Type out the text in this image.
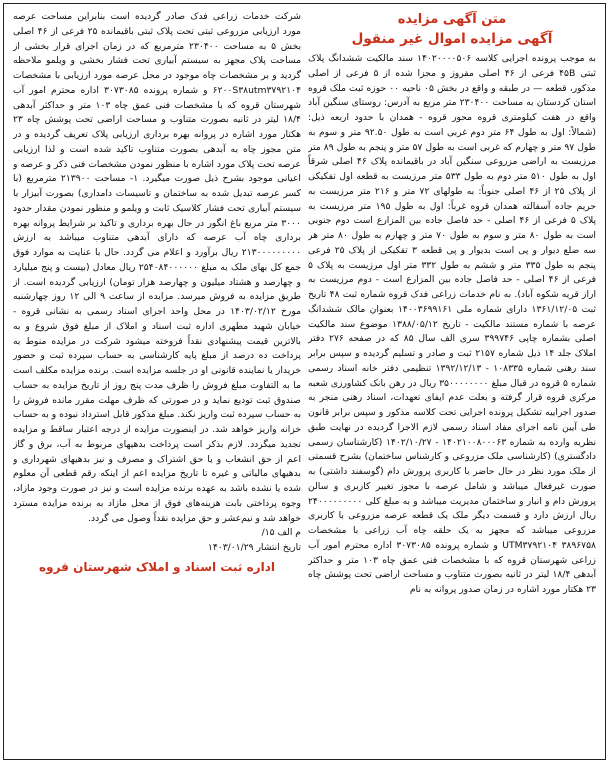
متن آگهی مزایده
آگهی مزایده اموال غیر منقول

به موجب پرونده اجرایی کلاسه ۱۴۰۲۰۰۰۰۵۰۶ سند مالکیت ششدانگ پلاک ثبتی ۴۵B فرعی از ۴۶ اصلی مفروز و مجزا شده از ۵ فرعی از اصلی مذکور، قطعه — در طبقه و واقع در بخش ۰۵ ناحیه ۰۰ حوزه ثبت ملک قروه استان کردستان به مساحت ۲۳۰۴۰۰ متر مربع به آدرس: روستای سنگین آباد واقع در هفت کیلومتری قروه محور قروه - همدان با حدود اربعه ذیل: (شمالاً: اول به طول ۶۴ متر دوم غربی است به طول ۹۲.۵۰ متر و سوم به طول ۹۷ متر و چهارم که غربی است به طول ۵۷ متر و پنجم به طول ۸۹ متر مرزیست به اراضی مزروعی سنگین آباد در باقیمانده پلاک ۴۶ اصلی شرقاً اول به طول ۵۱۰ متر دوم به طول ۵۳۳ متر مرزیست به قطعه اول تفکیکی از پلاک ۲۵ از ۴۶ اصلی جنوباً: به طولهای ۷۲ متر و ۲۱۶ متر مرزیست به حریم جاده آسفالته همدان قروه غرباً: اول به طول ۱۹۵ متر مرزیست به پلاک ۵ فرعی از ۴۶ اصلی - حد فاصل جاده بین المزارع است دوم جنوبی است به طول ۸۰ متر و سوم به طول ۷۰ متر و چهارم به طول ۸۰ متر هر سه ضلع دیوار و پی است بدیوار و پی قطعه ۳ تفکیکی از پلاک ۲۵ فرعی پنجم به طول ۳۳۵ متر و ششم به طول ۳۳۲ متر اول مرزیست به پلاک ۵ فرعی از ۴۶ اصلی - حد فاصل جاده بین المزارع است - دوم مرزیست به اراز قریه شکوه آباد). به نام خدمات زراعی فدک قروه شماره ثبت ۴۸ تاریخ ثبت ۱۳۶۱/۱۲/۰۵ دارای شماره ملی ۱۴۰۰۳۶۹۹۱۶۱ بعنوان مالک ششدانگ عرصه با شماره مستند مالکیت - تاریخ ۱۳۸۸/۰۵/۱۲ موضوع سند مالکیت اصلی بشماره چاپی ۳۹۹۷۴۶ سری الف سال ۸۵ که در صفحه ۲۷۶ دفتر املاک جلد ۱۴ ذیل شماره ۲۱۵۷ ثبت و صادر و تسلیم گردیده و سپس برابر سند رهنی شماره ۱۰۸۳۳۵ - ۱۳۹۲/۱۲/۱۳ تنظیمی دفتر خانه اسناد رسمی شماره ۵ قروه در قبال مبلغ ۳۵۰۰۰۰۰۰۰۰ ریال در رهن بانک کشاورزی شعبه مرکزی قروه قرار گرفته و بعلت عدم ایفای تعهدات، اسناد رهنی منجر به صدور اجراییه تشکیل پرونده اجرایی تحت کلاسه مذکور و سپس برابر قانون طی آیین نامه اجرای مفاد اسناد رسمی لازم الاجرا گردیده در نهایت طبق نظریه وارده به شماره ۱۴۰۲۱۰۰۸۰۰۰۶۳ - ۱۴۰۲/۱۰/۲۷ (کارشناسان رسمی دادگستری) (کارشناسی ملک مزروعی و کارشناس ساختمان) بشرح قسمتی از ملک مورد نظر در حال حاضر با کاربری پرورش دام (گوسفند داشتی) به صورت غیرفعال میباشد و شامل عرصه با مجوز تغییر کاربری و سالن پرورش دام و انبار و ساختمان مدیریت میباشد و به مبلغ کلی ۲۴۰۰۰۰۰۰۰۰۰ ریال ارزش دارد و قسمت دیگر ملک یک قطعه عرصه مزروعی با کاربری مزروعی میباشد که مجهز به یک حلقه چاه آب زراعی با مشخصات UTM۳۷۹۲۱۰۴ ۳۸۹۶۷۵۸ و شماره پرونده ۳۰۷۳۰۸۵ اداره محترم امور آب زراعی شهرستان قروه که با مشخصات فنی عمق چاه ۱۰۳ متر و حداکثر آبدهی ۱۸/۴ لیتر در ثانیه بصورت متناوب و مساحت اراضی تحت پوشش چاه ۲۳ هکتار مورد اشاره در زمان صدور پروانه به نام

شرکت خدمات زراعی فدک صادر گردیده است بنابراین مساحت عرصه مورد ارزیابی مزروعی ثبتی تحت پلاک ثبتی باقیمانده ۲۵ فرعی از ۴۶ اصلی بخش ۵ به مساحت ۲۳۰۴۰۰ مترمربع که در زمان اجرای قرار بخشی از مساحت پلاک مجهز به سیستم آبیاری تحت فشار بخشی و ویلمو ملاحظه گردید و بر مشخصات چاه موجود در محل عرصه مورد ارزیابی با مشخصات ۶۲۰۰S۳۸utm۳۷۹۲۱۰۴ و شماره پرونده ۳۰۷۳۰۸۵ اداره محترم امور آب شهرستان قروه که با مشخصات فنی عمق چاه ۱۰۳ متر و حداکثر آبدهی ۱۸/۴ لیتر در ثانیه بصورت متناوب و مساحت اراضی تحت پوشش چاه ۲۳ هکتار مورد اشاره در پروانه بهره برداری ارزیابی پلاک تعریف گردیده و در متن مجوز چاه به آبدهی بصورت متناوب تاکید شده است و لذا ارزیابی عرصه تحت پلاک مورد اشاره با منظور نمودن مشخصات فنی ذکر و عرصه و اعیانی موجود بشرح ذیل صورت میگیرد. ۱- مساحت ۲۱۳۹۰۰ مترمربع (با کسر عرصه تبدیل شده به ساختمان و تاسیسات دامداری) بصورت آبیزار با سیستم آبیاری تحت فشار کلاسیک ثابت و ویلمو و منظور نمودن مقدار حدود ۳۰۰۰ متر مربع باغ انگور در حال بهره برداری و تاکید بر شرایط پروانه بهره برداری چاه آب عرصه که دارای آبدهی متناوب میباشد به ارزش ۲۱۳۰۰۰۰۰۰۰۰۰ ریال برآورد و اعلام می گردد. حال با عنایت به موارد فوق جمع کل بهای ملک به مبلغ ۲۵۴۰۸۴۰۰۰۰۰۰ ریال معادل (بیست و پنج میلیارد و چهارصد و هشتاد میلیون و چهارصد هزار تومان) ارزیابی گردیده است. از طریق مزایده به فروش میرسد. مزایده از ساعت ۹ الی ۱۲ روز چهارشنبه مورخ ۱۴۰۳/۰۲/۱۲ در محل واحد اجرای اسناد رسمی به نشانی قروه - خیابان شهید مطهری اداره ثبت اسناد و املاک از مبلغ فوق شروع و به بالاترین قیمت پیشنهادی نقداً فروخته میشود شرکت در مزایده منوط به پرداخت ده درصد از مبلغ پایه کارشناسی به حساب سپرده ثبت و حضور خریدار یا نماینده قانونی او در جلسه مزایده است. برنده مزایده مکلف است ما به التفاوت مبلغ فروش را ظرف مدت پنج روز از تاریخ مزایده به حساب صندوق ثبت تودیع نماید و در صورتی که ظرف مهلت مقرر مانده فروش را به حساب سپرده ثبت واریز نکند. مبلغ مذکور قابل استرداد نبوده و به حساب خزانه واریز خواهد شد. در اینصورت مزایده از درجه اعتبار ساقط و مزایده تجدید میگردد. لازم بذکر است پرداخت بدهیهای مربوط به آب، برق و گاز اعم از حق انشعاب و یا حق اشتراک و مصرف و نیز بدهیهای شهرداری و بدهیهای مالیاتی و غیره تا تاریخ مزایده اعم از اینکه رقم قطعی آن معلوم شده یا نشده باشد به عهده برنده مزایده است و نیز در صورت وجود مازاد، وجوه پرداختی بابت هزینه‌های فوق از محل مازاد به برنده مزایده مسترد خواهد شد و نیم‌عشر و حق مزایده نقداً وصول می گردد.

م الف ۱۵/

تاریخ انتشار ۱۴۰۳/۰۱/۲۹

اداره ثبت اسناد و املاک شهرستان قروه
